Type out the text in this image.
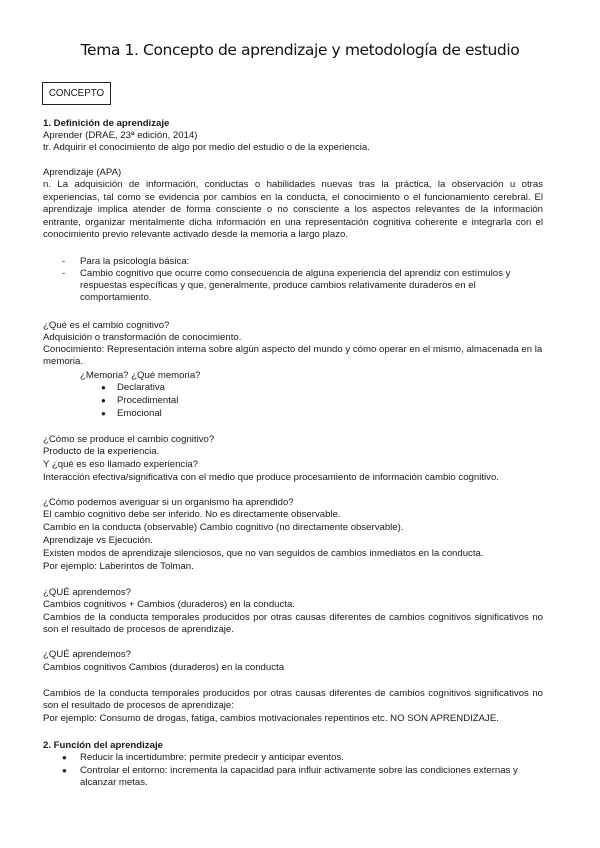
Tema 1. Concepto de aprendizaje y metodología de estudio
CONCEPTO
1. Definición de aprendizaje
Aprender (DRAE, 23ª edición, 2014)
tr. Adquirir el conocimiento de algo por medio del estudio o de la experiencia.
Aprendizaje (APA)
n. La adquisición de información, conductas o habilidades nuevas tras la práctica, la observación u otras experiencias, tal como se evidencia por cambios en la conducta, el conocimiento o el funcionamiento cerebral. El aprendizaje implica atender de forma consciente o no consciente a los aspectos relevantes de la información entrante, organizar mentalmente dicha información en una representación cognitiva coherente e integrarla con el conocimiento previo relevante activado desde la memoria a largo plazo.
- Para la psicología básica:
- Cambio cognitivo que ocurre como consecuencia de alguna experiencia del aprendiz con estímulos y respuestas específicas y que, generalmente, produce cambios relativamente duraderos en el comportamiento.
¿Qué es el cambio cognitivo?
Adquisición o transformación de conocimiento.
Conocimiento: Representación interna sobre algún aspecto del mundo y cómo operar en el mismo, almacenada en la memoria.
¿Memoria? ¿Qué memoria?
● Declarativa
● Procedimental
● Emocional
¿Cómo se produce el cambio cognitivo?
Producto de la experiencia.
Y ¿qué es eso llamado experiencia?
Interacción efectiva/significativa con el medio que produce procesamiento de información cambio cognitivo.
¿Cómo podemos averiguar si un organismo ha aprendido?
El cambio cognitivo debe ser inferido. No es directamente observable.
Cambio en la conducta (observable) Cambio cognitivo (no directamente observable).
Aprendizaje vs Ejecución.
Existen modos de aprendizaje silenciosos, que no van seguidos de cambios inmediatos en la conducta.
Por ejemplo: Laberintos de Tolman.
¿QUÉ aprendemos?
Cambios cognitivos + Cambios (duraderos) en la conducta.
Cambios de la conducta temporales producidos por otras causas diferentes de cambios cognitivos significativos no son el resultado de procesos de aprendizaje.
¿QUÉ aprendemos?
Cambios cognitivos Cambios (duraderos) en la conducta
Cambios de la conducta temporales producidos por otras causas diferentes de cambios cognitivos significativos no son el resultado de procesos de aprendizaje:
Por ejemplo: Consumo de drogas, fatiga, cambios motivacionales repentinos etc. NO SON APRENDIZAJE.
2. Función del aprendizaje
● Reducir la incertidumbre: permite predecir y anticipar eventos.
● Controlar el entorno: incrementa la capacidad para influir activamente sobre las condiciones externas y alcanzar metas.
